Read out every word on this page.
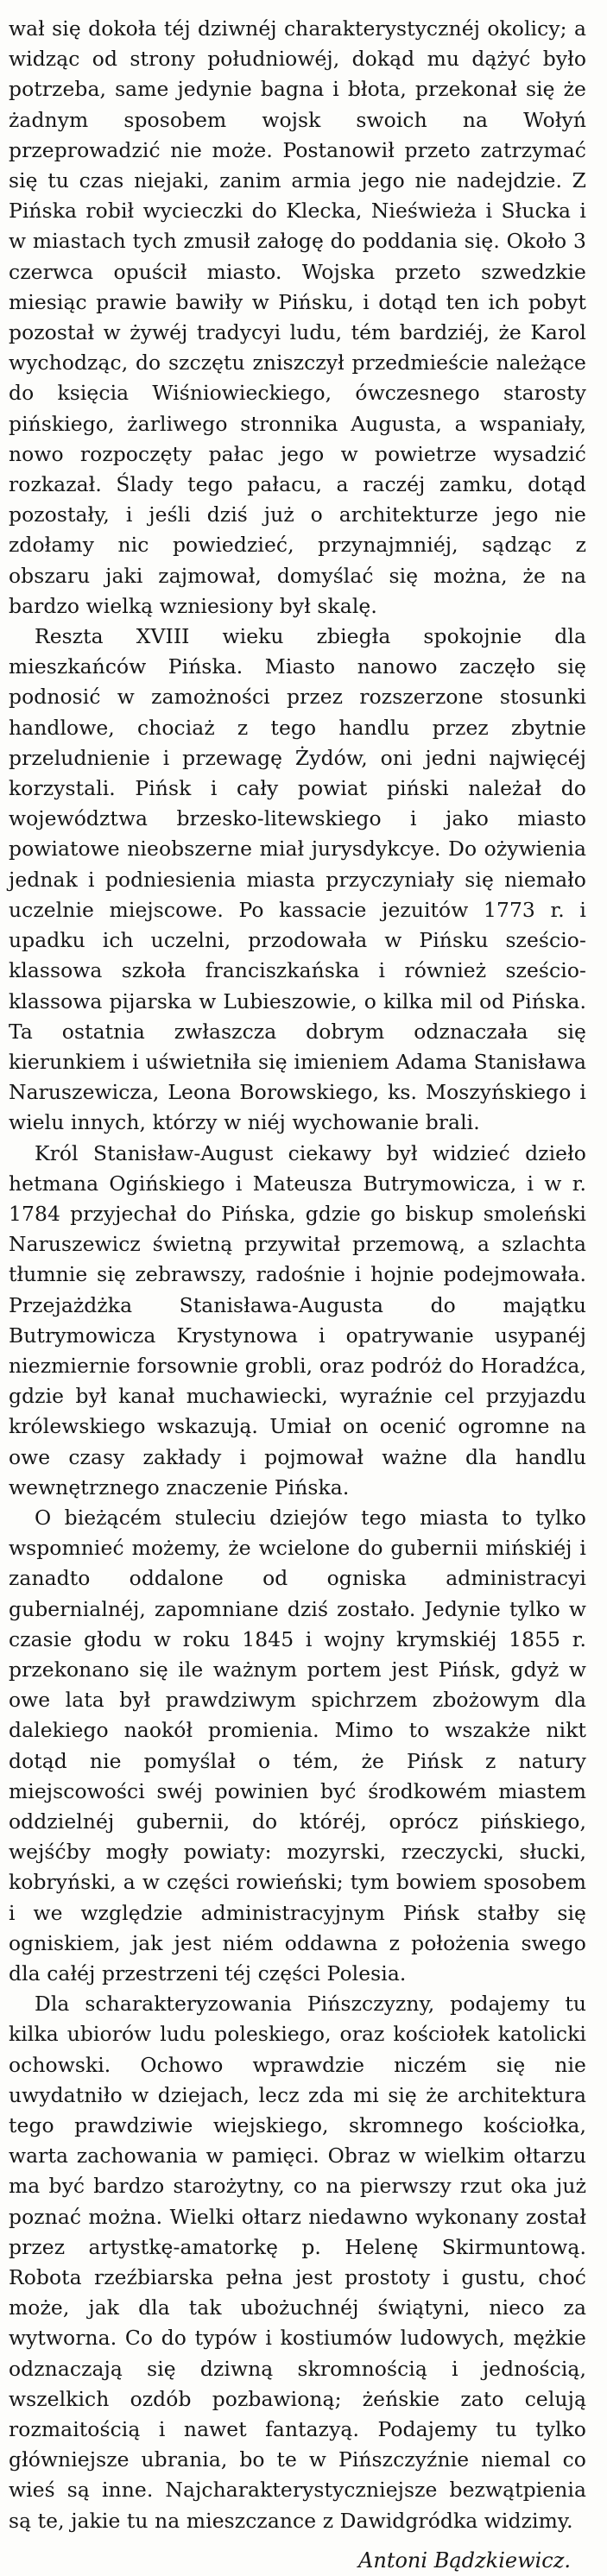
wał się dokoła téj dziwnéj charakterystycznéj okolicy; a widząc od strony południowéj, dokąd mu dążyć było potrzeba, same jedynie bagna i błota, przekonał się że żadnym sposobem wojsk swoich na Wołyń przeprowadzić nie może. Postanowił przeto zatrzymać się tu czas niejaki, zanim armia jego nie nadejdzie. Z Pińska robił wycieczki do Klecka, Nieświeża i Słucka i w miastach tych zmusił załogę do poddania się. Około 3 czerwca opuścił miasto. Wojska przeto szwedzkie miesiąc prawie bawiły w Pińsku, i dotąd ten ich pobyt pozostał w żywéj tradycyi ludu, tém bardziéj, że Karol wychodząc, do szczętu zniszczył przedmieście należące do księcia Wiśniowieckiego, ówczesnego starosty pińskiego, żarliwego stronnika Augusta, a wspaniały, nowo rozpoczęty pałac jego w powietrze wysadzić rozkazał. Ślady tego pałacu, a raczéj zamku, dotąd pozostały, i jeśli dziś już o architekturze jego nie zdołamy nic powiedzieć, przynajmniéj, sądząc z obszaru jaki zajmował, domyślać się można, że na bardzo wielką wzniesiony był skalę.

Reszta XVIII wieku zbiegła spokojnie dla mieszkańców Pińska. Miasto nanowo zaczęło się podnosić w zamożności przez rozszerzone stosunki handlowe, chociaż z tego handlu przez zbytnie przeludnienie i przewagę Żydów, oni jedni najwięcéj korzystali. Pińsk i cały powiat piński należał do województwa brzesko-litewskiego i jako miasto powiatowe nieobszerne miał jurysdykcye. Do ożywienia jednak i podniesienia miasta przyczyniały się niemało uczelnie miejscowe. Po kassacie jezuitów 1773 r. i upadku ich uczelni, przodowała w Pińsku sześcio-klassowa szkoła franciszkańska i również sześcio-klassowa pijarska w Lubieszowie, o kilka mil od Pińska. Ta ostatnia zwłaszcza dobrym odznaczała się kierunkiem i uświetniła się imieniem Adama Stanisława Naruszewicza, Leona Borowskiego, ks. Moszyńskiego i wielu innych, którzy w niéj wychowanie brali.

Król Stanisław-August ciekawy był widzieć dzieło hetmana Ogińskiego i Mateusza Butrymowicza, i w r. 1784 przyjechał do Pińska, gdzie go biskup smoleński Naruszewicz świetną przywitał przemową, a szlachta tłumnie się zebrawszy, radośnie i hojnie podejmowała. Przejażdżka Stanisława-Augusta do majątku Butrymowicza Krystynowa i opatrywanie usypanéj niezmiernie forsownie grobli, oraz podróż do Horadźca, gdzie był kanał muchawiecki, wyraźnie cel przyjazdu królewskiego wskazują. Umiał on ocenić ogromne na owe czasy zakłady i pojmował ważne dla handlu wewnętrznego znaczenie Pińska.

O bieżącém stuleciu dziejów tego miasta to tylko wspomnieć możemy, że wcielone do gubernii mińskiéj i zanadto oddalone od ogniska administracyi gubernialnéj, zapomniane dziś zostało. Jedynie tylko w czasie głodu w roku 1845 i wojny krymskiéj 1855 r. przekonano się ile ważnym portem jest Pińsk, gdyż w owe lata był prawdziwym spichrzem zbożowym dla dalekiego naokół promienia. Mimo to wszakże nikt dotąd nie pomyślał o tém, że Pińsk z natury miejscowości swéj powinien być środkowém miastem oddzielnéj gubernii, do któréj, oprócz pińskiego, wejśćby mogły powiaty: mozyrski, rzeczycki, słucki, kobryński, a w części rowieński; tym bowiem sposobem i we względzie administracyjnym Pińsk stałby się ogniskiem, jak jest niém oddawna z położenia swego dla całéj przestrzeni téj części Polesia.

Dla scharakteryzowania Pińszczyzny, podajemy tu kilka ubiorów ludu poleskiego, oraz kościołek katolicki ochowski. Ochowo wprawdzie niczém się nie uwydatniło w dziejach, lecz zda mi się że architektura tego prawdziwie wiejskiego, skromnego kościołka, warta zachowania w pamięci. Obraz w wielkim ołtarzu ma być bardzo starożytny, co na pierwszy rzut oka już poznać można. Wielki ołtarz niedawno wykonany został przez artystkę-amatorkę p. Helenę Skirmuntową. Robota rzeźbiarska pełna jest prostoty i gustu, choć może, jak dla tak ubożuchnéj świątyni, nieco za wytworna. Co do typów i kostiumów ludowych, mężkie odznaczają się dziwną skromnością i jednością, wszelkich ozdób pozbawioną; żeńskie zato celują rozmaitością i nawet fantazyą. Podajemy tu tylko główniejsze ubrania, bo te w Pińszczyźnie niemal co wieś są inne. Najcharakterystyczniejsze bezwątpienia są te, jakie tu na mieszczance z Dawidgródka widzimy.

Antoni Bądzkiewicz.
